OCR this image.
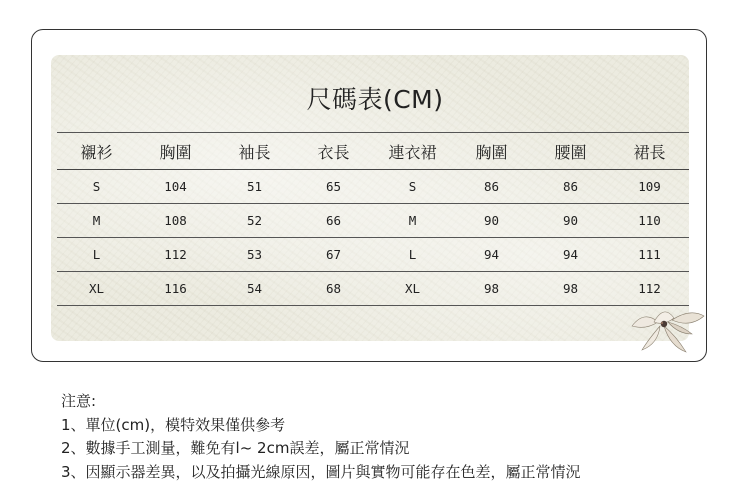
尺碼表(CM)
襯衫	胸圍	袖長	衣長	連衣裙	胸圍	腰圍	裙長
S	104	51	65	S	86	86	109
M	108	52	66	M	90	90	110
L	112	53	67	L	94	94	111
XL	116	54	68	XL	98	98	112
注意:
1、單位(cm)，模特效果僅供參考
2、數據手工測量，難免有l~ 2cm誤差，屬正常情況
3、因顯示器差異，以及拍攝光線原因，圖片與實物可能存在色差，屬正常情況
